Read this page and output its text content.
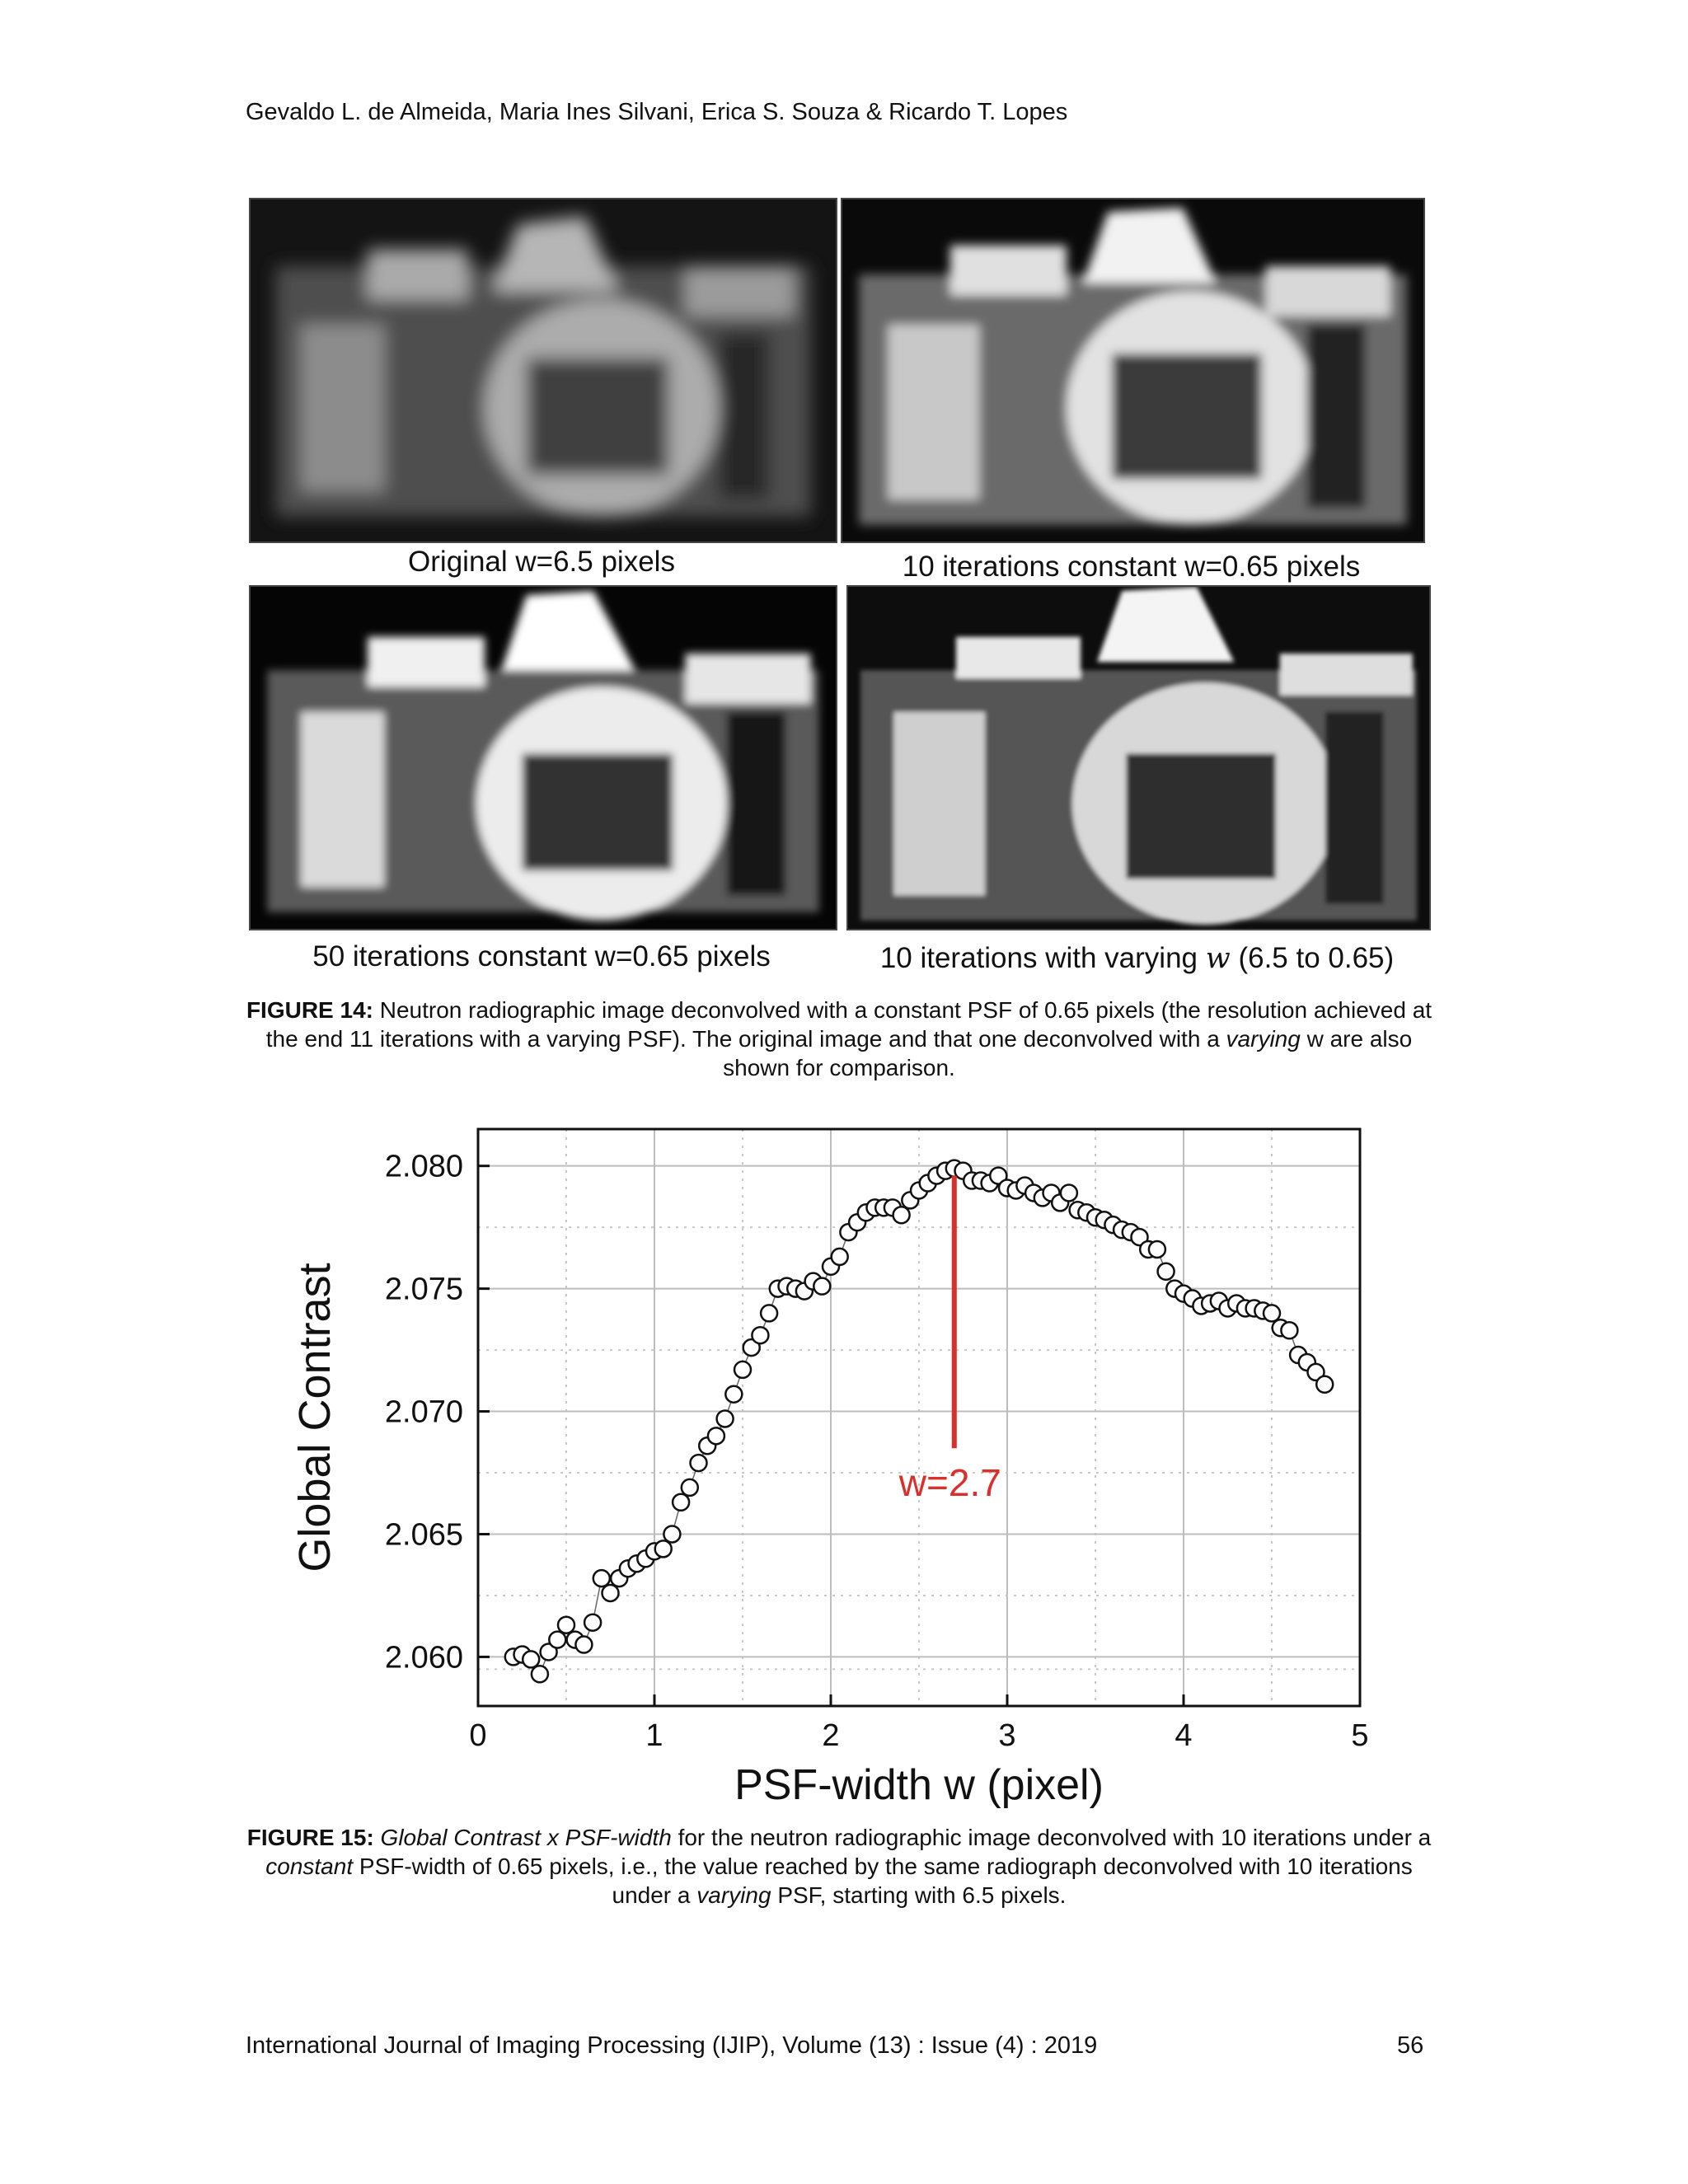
Gevaldo L. de Almeida, Maria Ines Silvani, Erica S. Souza & Ricardo T. Lopes
Original w=6.5 pixels	10 iterations constant w=0.65 pixels
50 iterations constant w=0.65 pixels	10 iterations with varying w (6.5 to 0.65)
FIGURE 14: Neutron radiographic image deconvolved with a constant PSF of 0.65 pixels (the resolution achieved at the end 11 iterations with a varying PSF). The original image and that one deconvolved with a varying w are also shown for comparison.
0	1	2	3	4	5
2.060
2.065
2.070
2.075
2.080
PSF-width w (pixel)
Global Contrast	w=2.7
FIGURE 15: Global Contrast x PSF-width for the neutron radiographic image deconvolved with 10 iterations under a constant PSF-width of 0.65 pixels, i.e., the value reached by the same radiograph deconvolved with 10 iterations under a varying PSF, starting with 6.5 pixels.
International Journal of Imaging Processing (IJIP), Volume (13) : Issue (4) : 2019	56
